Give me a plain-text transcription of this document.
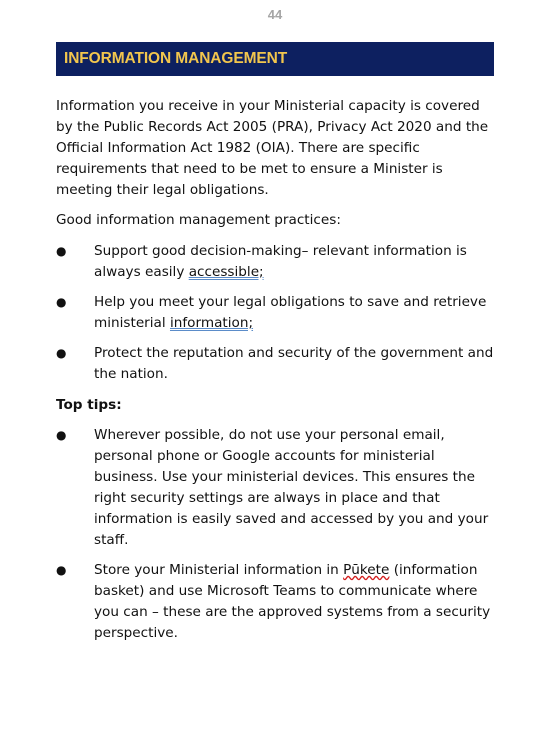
44
INFORMATION MANAGEMENT

Information you receive in your Ministerial capacity is covered by the Public Records Act 2005 (PRA), Privacy Act 2020 and the Official Information Act 1982 (OIA). There are specific requirements that need to be met to ensure a Minister is meeting their legal obligations.

Good information management practices:

●	Support good decision-making– relevant information is always easily accessible;
●	Help you meet your legal obligations to save and retrieve ministerial information;
●	Protect the reputation and security of the government and the nation.

Top tips:

●	Wherever possible, do not use your personal email, personal phone or Google accounts for ministerial business. Use your ministerial devices. This ensures the right security settings are always in place and that information is easily saved and accessed by you and your staff.
●	Store your Ministerial information in Pūkete (information basket) and use Microsoft Teams to communicate where you can – these are the approved systems from a security perspective.
